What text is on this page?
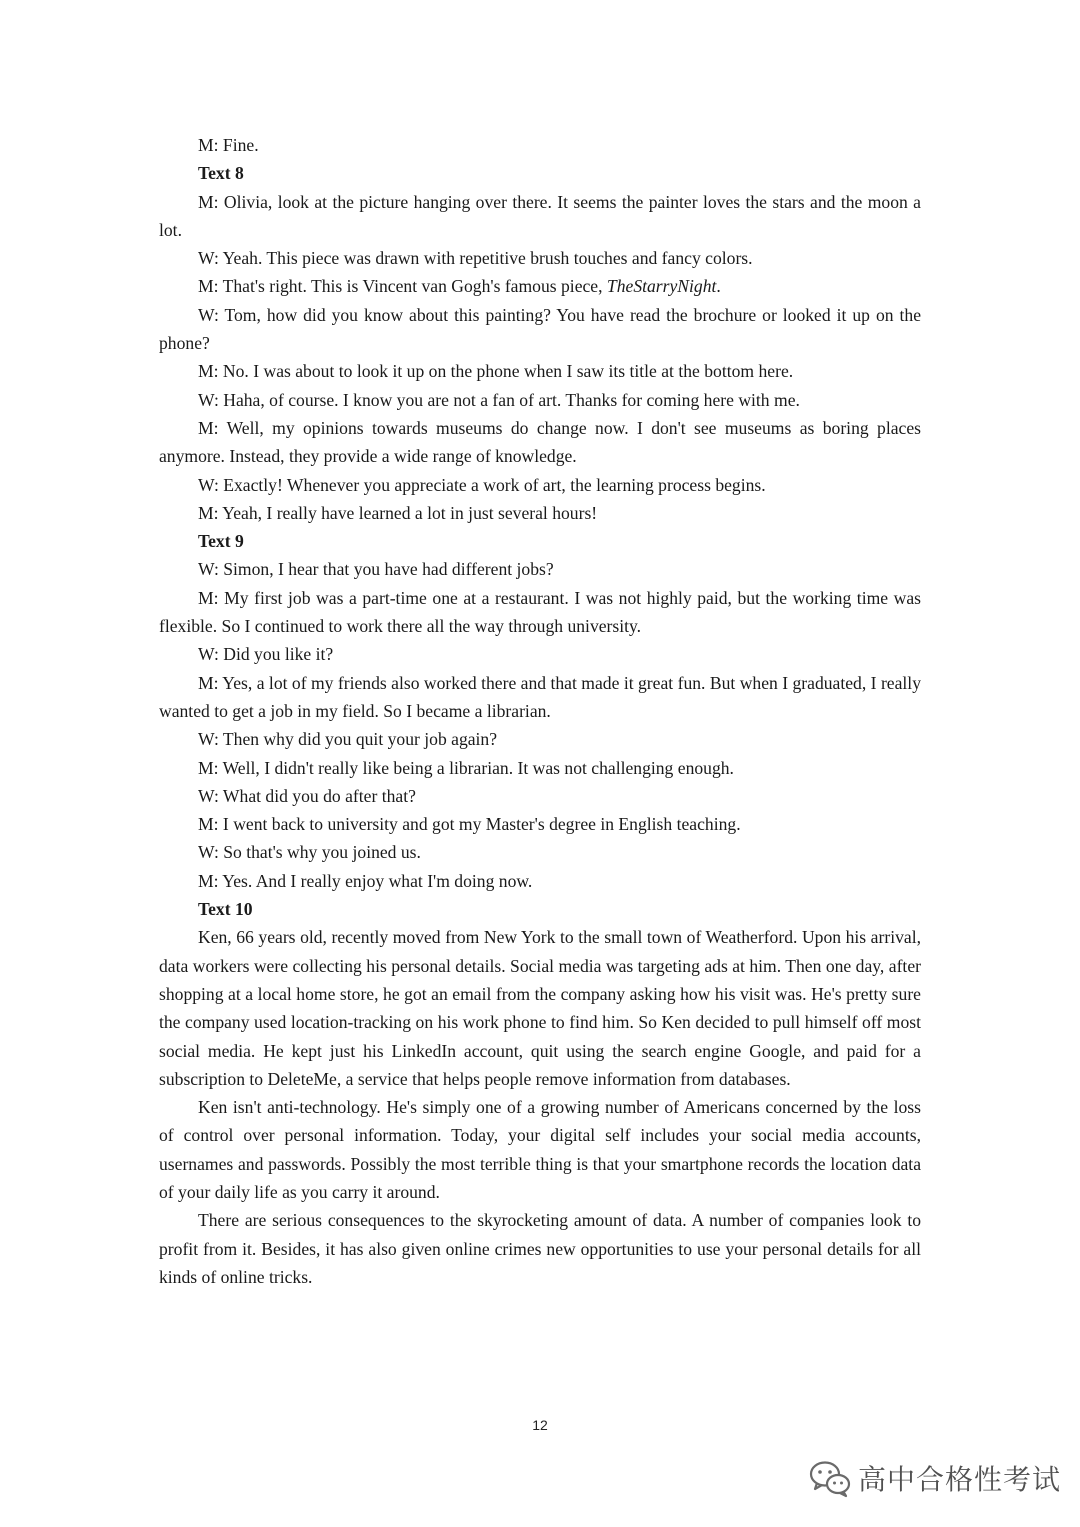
M: Fine.

Text 8

M: Olivia, look at the picture hanging over there. It seems the painter loves the stars and the moon a lot.

W: Yeah. This piece was drawn with repetitive brush touches and fancy colors.

M: That's right. This is Vincent van Gogh's famous piece, TheStarryNight.

W: Tom, how did you know about this painting? You have read the brochure or looked it up on the phone?

M: No. I was about to look it up on the phone when I saw its title at the bottom here.

W: Haha, of course. I know you are not a fan of art. Thanks for coming here with me.

M: Well, my opinions towards museums do change now. I don't see museums as boring places anymore. Instead, they provide a wide range of knowledge.

W: Exactly! Whenever you appreciate a work of art, the learning process begins.

M: Yeah, I really have learned a lot in just several hours!

Text 9

W: Simon, I hear that you have had different jobs?

M: My first job was a part-time one at a restaurant. I was not highly paid, but the working time was flexible. So I continued to work there all the way through university.

W: Did you like it?

M: Yes, a lot of my friends also worked there and that made it great fun. But when I graduated, I really wanted to get a job in my field. So I became a librarian.

W: Then why did you quit your job again?

M: Well, I didn't really like being a librarian. It was not challenging enough.

W: What did you do after that?

M: I went back to university and got my Master's degree in English teaching.

W: So that's why you joined us.

M: Yes. And I really enjoy what I'm doing now.

Text 10

Ken, 66 years old, recently moved from New York to the small town of Weatherford. Upon his arrival, data workers were collecting his personal details. Social media was targeting ads at him. Then one day, after shopping at a local home store, he got an email from the company asking how his visit was. He's pretty sure the company used location-tracking on his work phone to find him. So Ken decided to pull himself off most social media. He kept just his LinkedIn account, quit using the search engine Google, and paid for a subscription to DeleteMe, a service that helps people remove information from databases.

Ken isn't anti-technology. He's simply one of a growing number of Americans concerned by the loss of control over personal information. Today, your digital self includes your social media accounts, usernames and passwords. Possibly the most terrible thing is that your smartphone records the location data of your daily life as you carry it around.

There are serious consequences to the skyrocketing amount of data. A number of companies look to profit from it. Besides, it has also given online crimes new opportunities to use your personal details for all kinds of online tricks.

12
高中合格性考试
